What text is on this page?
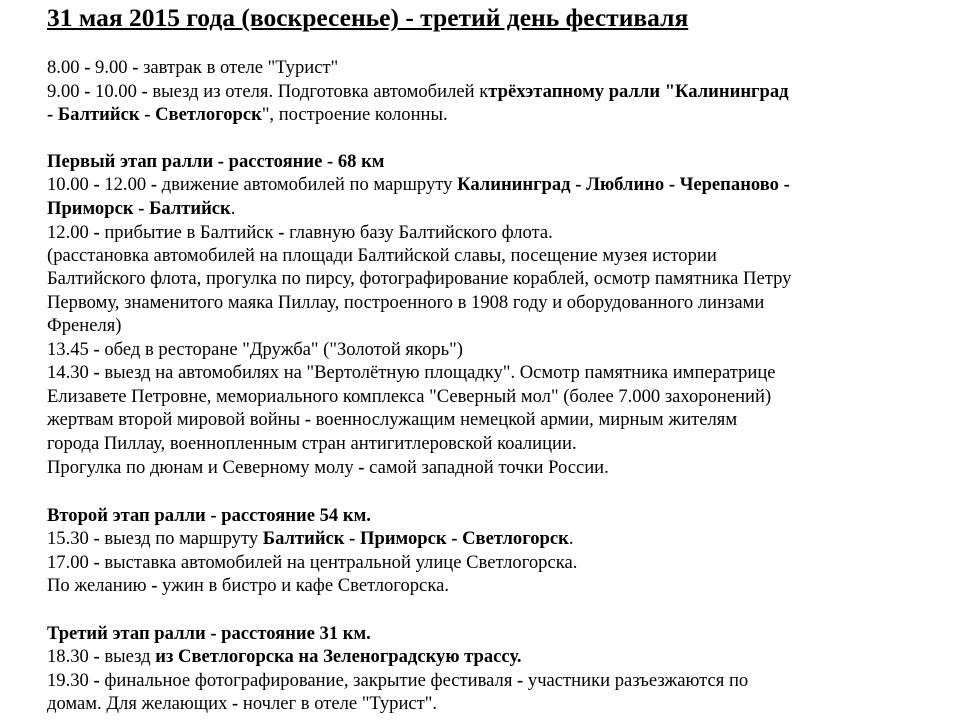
31 мая 2015 года (воскресенье) - третий день фестиваля
8.00 - 9.00 - завтрак в отеле "Турист"
9.00 - 10.00 - выезд из отеля. Подготовка автомобилей ктрёхэтапному ралли "Калининград
- Балтийск - Светлогорск", построение колонны.
Первый этап ралли - расстояние - 68 км
10.00 - 12.00 - движение автомобилей по маршруту Калининград - Люблино - Черепаново -
Приморск - Балтийск.
12.00 - прибытие в Балтийск - главную базу Балтийского флота.
(расстановка автомобилей на площади Балтийской славы, посещение музея истории
Балтийского флота, прогулка по пирсу, фотографирование кораблей, осмотр памятника Петру
Первому, знаменитого маяка Пиллау, построенного в 1908 году и оборудованного линзами
Френеля)
13.45 - обед в ресторане "Дружба" ("Золотой якорь")
14.30 - выезд на автомобилях на "Вертолётную площадку". Осмотр памятника императрице
Елизавете Петровне, мемориального комплекса "Северный мол" (более 7.000 захоронений)
жертвам второй мировой войны - военнослужащим немецкой армии, мирным жителям
города Пиллау, военнопленным стран антигитлеровской коалиции.
Прогулка по дюнам и Северному молу - самой западной точки России.
Второй этап ралли - расстояние 54 км.
15.30 - выезд по маршруту Балтийск - Приморск - Светлогорск.
17.00 - выставка автомобилей на центральной улице Светлогорска.
По желанию - ужин в бистро и кафе Светлогорска.
Третий этап ралли - расстояние 31 км.
18.30 - выезд из Светлогорска на Зеленоградскую трассу.
19.30 - финальное фотографирование, закрытие фестиваля - участники разъезжаются по
домам. Для желающих - ночлег в отеле "Турист".
